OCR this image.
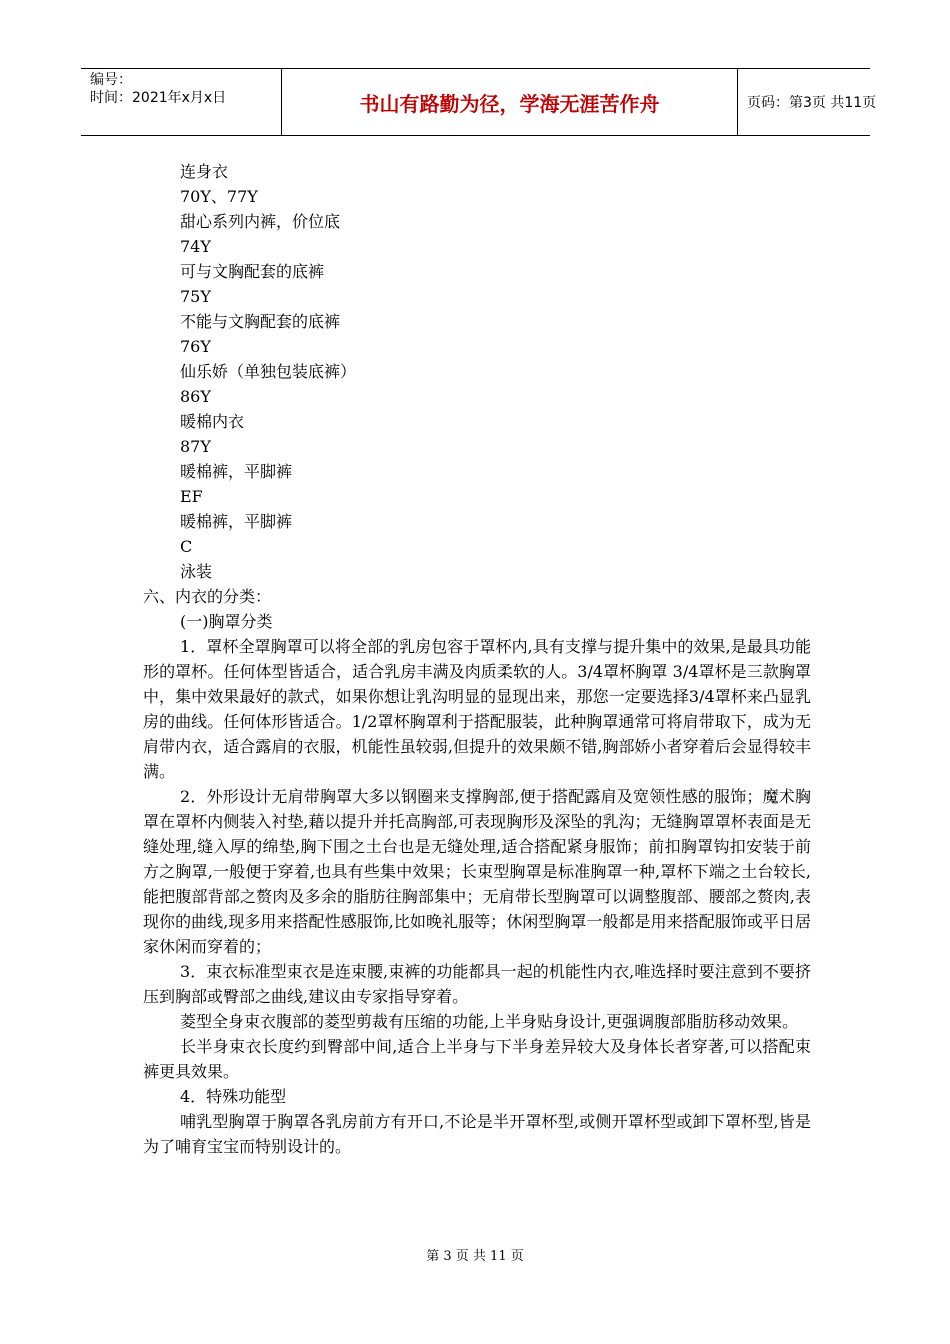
编号：
时间：2021年x月x日	书山有路勤为径，学海无涯苦作舟	页码：第3页 共11页
连身衣
70Y、77Y
甜心系列内裤，价位底
74Y
可与文胸配套的底裤
75Y
不能与文胸配套的底裤
76Y
仙乐娇（单独包装底裤）
86Y
暖棉内衣
87Y
暖棉裤，平脚裤
EF
暖棉裤，平脚裤
C
泳装
六、内衣的分类：
(一)胸罩分类

1．罩杯全罩胸罩可以将全部的乳房包容于罩杯内,具有支撑与提升集中的效果,是最具功能形的罩杯。任何体型皆适合，适合乳房丰满及肉质柔软的人。3/4罩杯胸罩 3/4罩杯是三款胸罩中，集中效果最好的款式，如果你想让乳沟明显的显现出来，那您一定要选择3/4罩杯来凸显乳房的曲线。任何体形皆适合。1/2罩杯胸罩利于搭配服装，此种胸罩通常可将肩带取下，成为无肩带内衣，适合露肩的衣服，机能性虽较弱,但提升的效果颇不错,胸部娇小者穿着后会显得较丰满。

2．外形设计无肩带胸罩大多以钢圈来支撑胸部,便于搭配露肩及宽领性感的服饰；魔术胸罩在罩杯内侧装入衬垫,藉以提升并托高胸部,可表现胸形及深坠的乳沟；无缝胸罩罩杯表面是无缝处理,缝入厚的绵垫,胸下围之土台也是无缝处理,适合搭配紧身服饰；前扣胸罩钩扣安装于前方之胸罩,一般便于穿着,也具有些集中效果；长束型胸罩是标准胸罩一种,罩杯下端之土台较长,能把腹部背部之赘肉及多余的脂肪往胸部集中；无肩带长型胸罩可以调整腹部、腰部之赘肉,表现你的曲线,现多用来搭配性感服饰,比如晚礼服等；休闲型胸罩一般都是用来搭配服饰或平日居家休闲而穿着的；

3．束衣标准型束衣是连束腰,束裤的功能都具一起的机能性内衣,唯选择时要注意到不要挤压到胸部或臀部之曲线,建议由专家指导穿着。

菱型全身束衣腹部的菱型剪裁有压缩的功能,上半身贴身设计,更强调腹部脂肪移动效果。

长半身束衣长度约到臀部中间,适合上半身与下半身差异较大及身体长者穿著,可以搭配束裤更具效果。

4．特殊功能型

哺乳型胸罩于胸罩各乳房前方有开口,不论是半开罩杯型,或侧开罩杯型或卸下罩杯型,皆是为了哺育宝宝而特别设计的。

第 3 页 共 11 页
